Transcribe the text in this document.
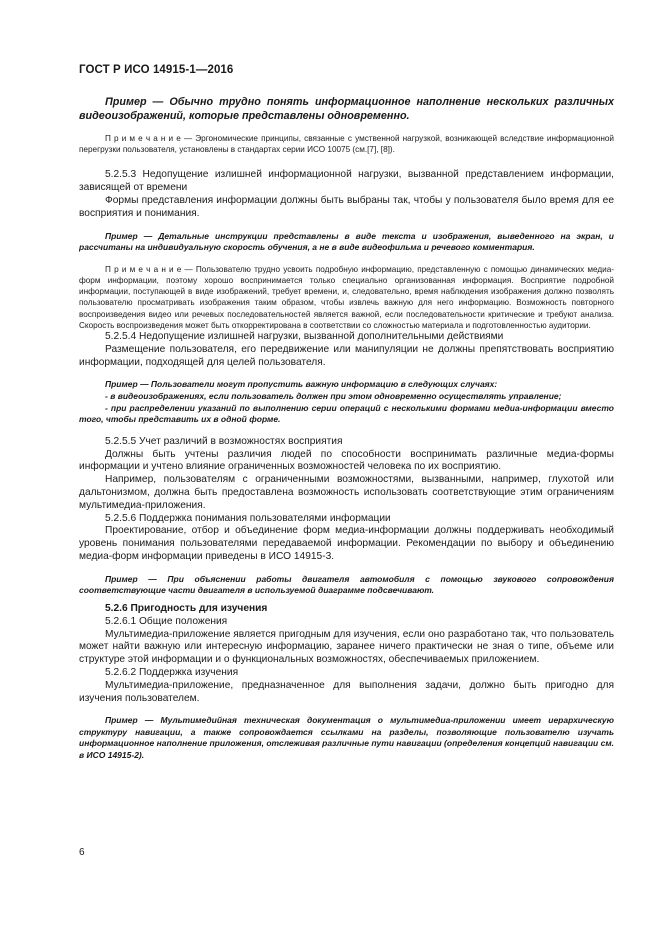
ГОСТ Р ИСО 14915-1—2016

Пример — Обычно трудно понять информационное наполнение нескольких различных видеоизображений, которые представлены одновременно.

П р и м е ч а н и е — Эргономические принципы, связанные с умственной нагрузкой, возникающей вследствие информационной перегрузки пользователя, установлены в стандартах серии ИСО 10075 (см.[7], [8]).

5.2.5.3 Недопущение излишней информационной нагрузки, вызванной представлением информации, зависящей от времени

Формы представления информации должны быть выбраны так, чтобы у пользователя было время для ее восприятия и понимания.

Пример — Детальные инструкции представлены в виде текста и изображения, выведенного на экран, и рассчитаны на индивидуальную скорость обучения, а не в виде видеофильма и речевого комментария.

П р и м е ч а н и е — Пользователю трудно усвоить подробную информацию, представленную с помощью динамических медиа-форм информации, поэтому хорошо воспринимается только специально организованная информация. Восприятие подробной информации, поступающей в виде изображений, требует времени, и, следовательно, время наблюдения изображения должно позволять пользователю просматривать изображения таким образом, чтобы извлечь важную для него информацию. Возможность повторного воспроизведения видео или речевых последовательностей является важной, если последовательности критические и требуют анализа. Скорость воспроизведения может быть откорректирована в соответствии со сложностью материала и подготовленностью аудитории.

5.2.5.4 Недопущение излишней нагрузки, вызванной дополнительными действиями

Размещение пользователя, его передвижение или манипуляции не должны препятствовать восприятию информации, подходящей для целей пользователя.

Пример — Пользователи могут пропустить важную информацию в следующих случаях:

- в видеоизображениях, если пользователь должен при этом одновременно осуществлять управление;

- при распределении указаний по выполнению серии операций с несколькими формами медиа-информации вместо того, чтобы представить их в одной форме.

5.2.5.5 Учет различий в возможностях восприятия

Должны быть учтены различия людей по способности воспринимать различные медиа-формы информации и учтено влияние ограниченных возможностей человека по их восприятию.

Например, пользователям с ограниченными возможностями, вызванными, например, глухотой или дальтонизмом, должна быть предоставлена возможность использовать соответствующие этим ограничениям мультимедиа-приложения.

5.2.5.6 Поддержка понимания пользователями информации

Проектирование, отбор и объединение форм медиа-информации должны поддерживать необходимый уровень понимания пользователями передаваемой информации. Рекомендации по выбору и объединению медиа-форм информации приведены в ИСО 14915-3.

Пример — При объяснении работы двигателя автомобиля с помощью звукового сопровождения соответствующие части двигателя в используемой диаграмме подсвечивают.

5.2.6 Пригодность для изучения

5.2.6.1 Общие положения

Мультимедиа-приложение является пригодным для изучения, если оно разработано так, что пользователь может найти важную или интересную информацию, заранее ничего практически не зная о типе, объеме или структуре этой информации и о функциональных возможностях, обеспечиваемых приложением.

5.2.6.2 Поддержка изучения

Мультимедиа-приложение, предназначенное для выполнения задачи, должно быть пригодно для изучения пользователем.

Пример — Мультимедийная техническая документация о мультимедиа-приложении имеет иерархическую структуру навигации, а также сопровождается ссылками на разделы, позволяющие пользователю изучать информационное наполнение приложения, отслеживая различные пути навигации (определения концепций навигации см. в ИСО 14915-2).

6
